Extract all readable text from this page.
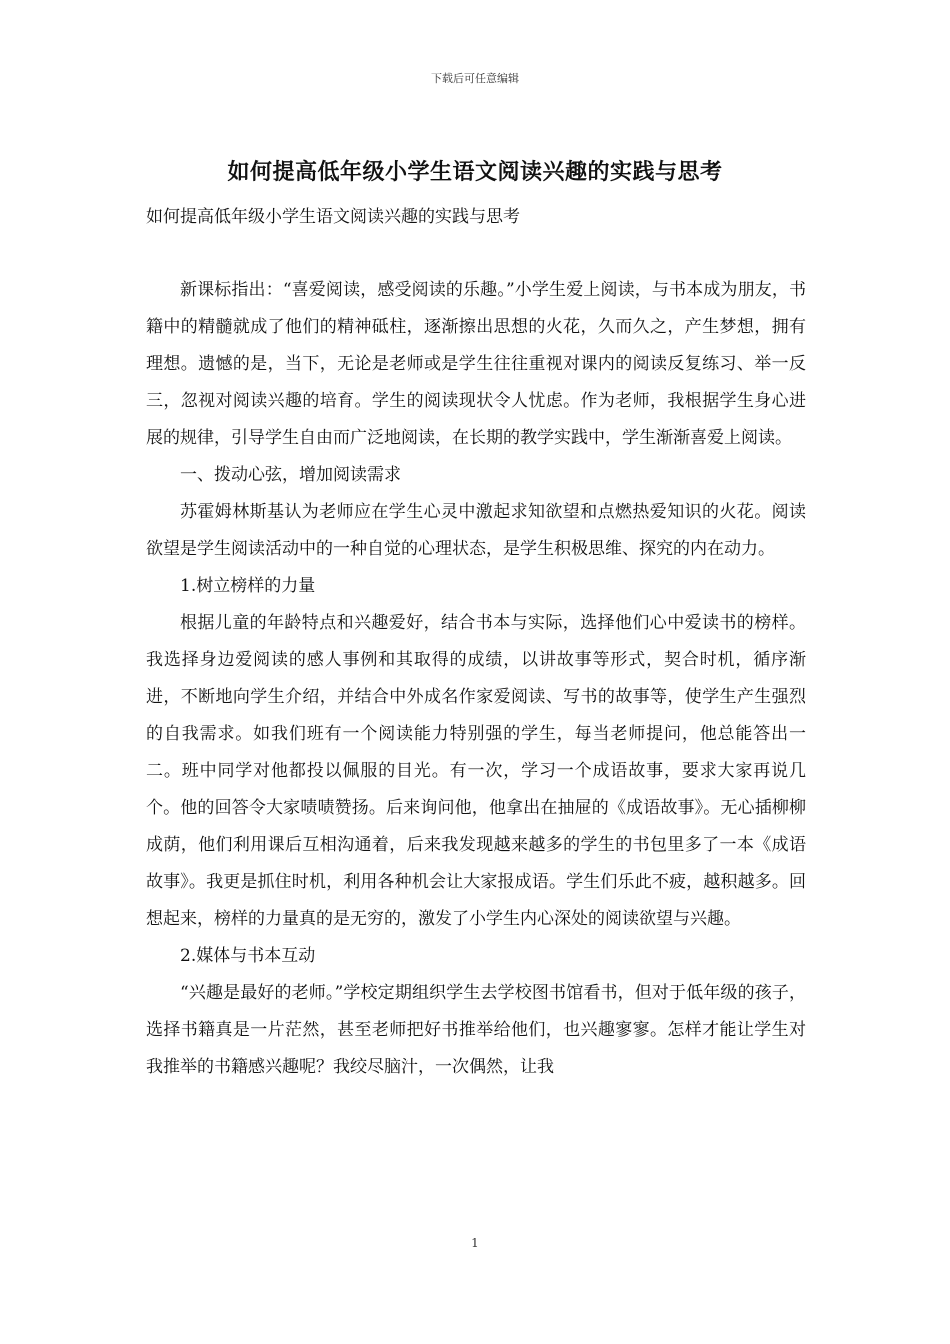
下载后可任意编辑
如何提高低年级小学生语文阅读兴趣的实践与思考
如何提高低年级小学生语文阅读兴趣的实践与思考

新课标指出：“喜爱阅读，感受阅读的乐趣。”小学生爱上阅读，与书本成为朋友，书籍中的精髓就成了他们的精神砥柱，逐渐擦出思想的火花，久而久之，产生梦想，拥有理想。遗憾的是，当下，无论是老师或是学生往往重视对课内的阅读反复练习、举一反三，忽视对阅读兴趣的培育。学生的阅读现状令人忧虑。作为老师，我根据学生身心进展的规律，引导学生自由而广泛地阅读，在长期的教学实践中，学生渐渐喜爱上阅读。

一、拨动心弦，增加阅读需求

苏霍姆林斯基认为老师应在学生心灵中激起求知欲望和点燃热爱知识的火花。阅读欲望是学生阅读活动中的一种自觉的心理状态，是学生积极思维、探究的内在动力。

1.树立榜样的力量

根据儿童的年龄特点和兴趣爱好，结合书本与实际，选择他们心中爱读书的榜样。我选择身边爱阅读的感人事例和其取得的成绩，以讲故事等形式，契合时机，循序渐进，不断地向学生介绍，并结合中外成名作家爱阅读、写书的故事等，使学生产生强烈的自我需求。如我们班有一个阅读能力特别强的学生，每当老师提问，他总能答出一二。班中同学对他都投以佩服的目光。有一次，学习一个成语故事，要求大家再说几个。他的回答令大家啧啧赞扬。后来询问他，他拿出在抽屉的《成语故事》。无心插柳柳成荫，他们利用课后互相沟通着，后来我发现越来越多的学生的书包里多了一本《成语故事》。我更是抓住时机，利用各种机会让大家报成语。学生们乐此不疲，越积越多。回想起来，榜样的力量真的是无穷的，激发了小学生内心深处的阅读欲望与兴趣。

2.媒体与书本互动

“兴趣是最好的老师。”学校定期组织学生去学校图书馆看书，但对于低年级的孩子，选择书籍真是一片茫然，甚至老师把好书推举给他们，也兴趣寥寥。怎样才能让学生对我推举的书籍感兴趣呢？我绞尽脑汁，一次偶然，让我

1
